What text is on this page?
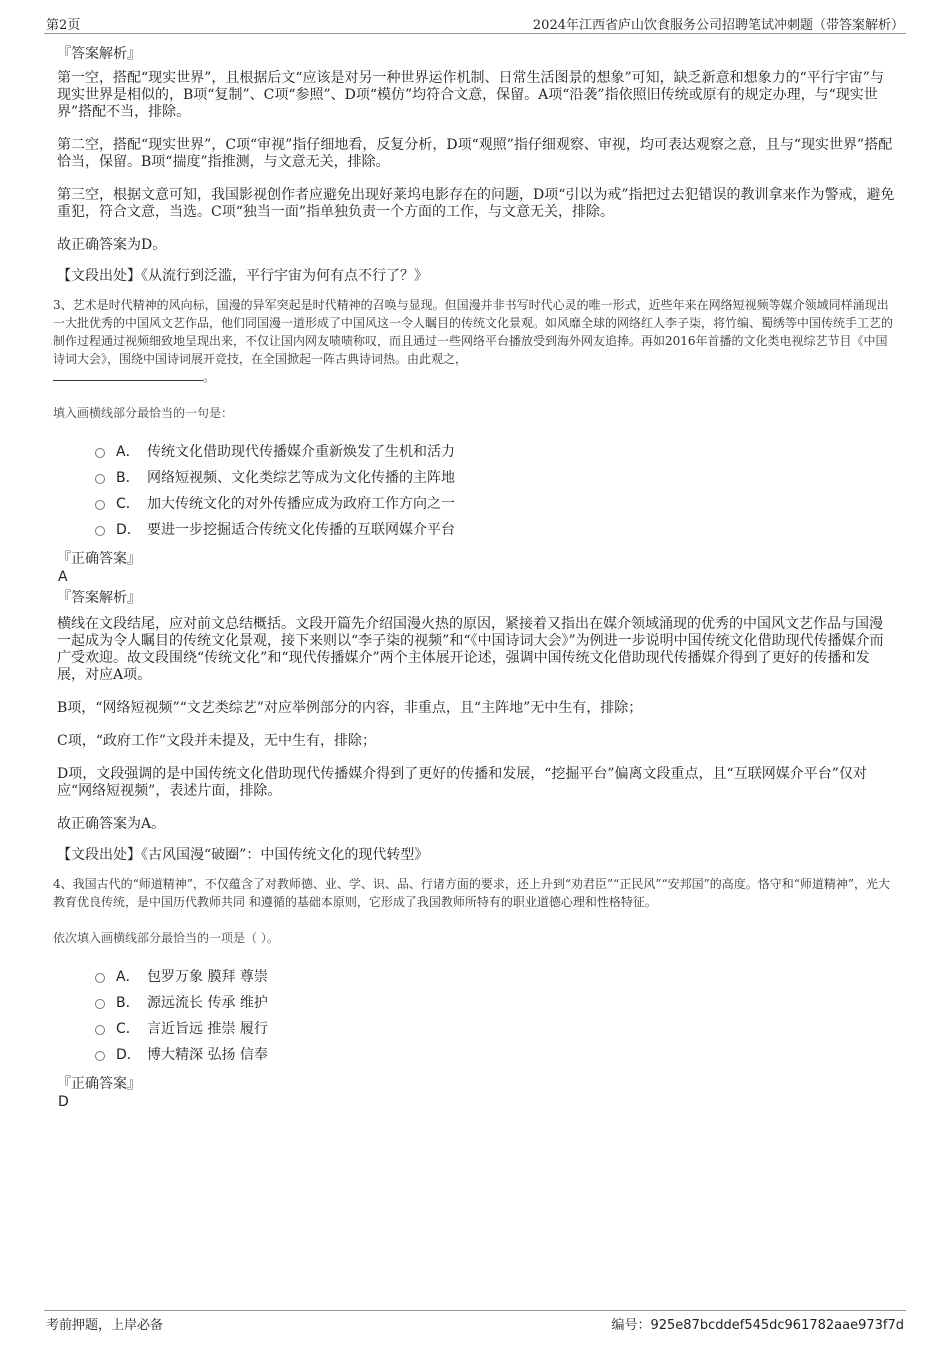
第2页	2024年江西省庐山饮食服务公司招聘笔试冲刺题（带答案解析）
『答案解析』

第一空，搭配“现实世界”，且根据后文“应该是对另一种世界运作机制、日常生活图景的想象”可知，缺乏新意和想象力的“平行宇宙”与现实世界是相似的，B项“复制”、C项“参照”、D项“模仿”均符合文意，保留。A项“沿袭”指依照旧传统或原有的规定办理，与“现实世界”搭配不当，排除。

第二空，搭配“现实世界”，C项“审视”指仔细地看，反复分析，D项“观照”指仔细观察、审视，均可表达观察之意，且与“现实世界”搭配恰当，保留。B项“揣度”指推测，与文意无关，排除。

第三空，根据文意可知，我国影视创作者应避免出现好莱坞电影存在的问题，D项“引以为戒”指把过去犯错误的教训拿来作为警戒，避免重犯，符合文意，当选。C项“独当一面”指单独负责一个方面的工作，与文意无关，排除。

故正确答案为D。

【文段出处】《从流行到泛滥，平行宇宙为何有点不行了？》
3、艺术是时代精神的风向标，国漫的异军突起是时代精神的召唤与显现。但国漫并非书写时代心灵的唯一形式，近些年来在网络短视频等媒介领域同样涌现出一大批优秀的中国风文艺作品，他们同国漫一道形成了中国风这一令人瞩目的传统文化景观。如风靡全球的网络红人李子柒，将竹编、蜀绣等中国传统手工艺的制作过程通过视频细致地呈现出来，不仅让国内网友啧啧称叹，而且通过一些网络平台播放受到海外网友追捧。再如2016年首播的文化类电视综艺节目《中国诗词大会》，围绕中国诗词展开竞技，在全国掀起一阵古典诗词热。由此观之，
。
填入画横线部分最恰当的一句是：
A． 传统文化借助现代传播媒介重新焕发了生机和活力
B． 网络短视频、文化类综艺等成为文化传播的主阵地
C． 加大传统文化的对外传播应成为政府工作方向之一
D． 要进一步挖掘适合传统文化传播的互联网媒介平台
『正确答案』
A
『答案解析』

横线在文段结尾，应对前文总结概括。文段开篇先介绍国漫火热的原因，紧接着又指出在媒介领域涌现的优秀的中国风文艺作品与国漫一起成为令人瞩目的传统文化景观，接下来则以“李子柒的视频”和“《中国诗词大会》”为例进一步说明中国传统文化借助现代传播媒介而广受欢迎。故文段围绕“传统文化”和“现代传播媒介”两个主体展开论述，强调中国传统文化借助现代传播媒介得到了更好的传播和发展，对应A项。

B项，“网络短视频”“文艺类综艺”对应举例部分的内容，非重点，且“主阵地”无中生有，排除；

C项，“政府工作”文段并未提及，无中生有，排除；

D项，文段强调的是中国传统文化借助现代传播媒介得到了更好的传播和发展，“挖掘平台”偏离文段重点，且“互联网媒介平台”仅对应“网络短视频”，表述片面，排除。

故正确答案为A。

【文段出处】《古风国漫“破圈”：中国传统文化的现代转型》
4、我国古代的“师道精神”，不仅蕴含了对教师德、业、学、识、品、行诸方面的要求，还上升到“劝君臣”“正民风”“安邦国”的高度。恪守和“师道精神”，光大教育优良传统，是中国历代教师共同 和遵循的基础本原则，它形成了我国教师所特有的职业道德心理和性格特征。
依次填入画横线部分最恰当的一项是（ ）。
A． 包罗万象 膜拜 尊崇
B． 源远流长 传承 维护
C． 言近旨远 推崇 履行
D． 博大精深 弘扬 信奉
『正确答案』
D
考前押题，上岸必备	编号：925e87bcddef545dc961782aae973f7d
